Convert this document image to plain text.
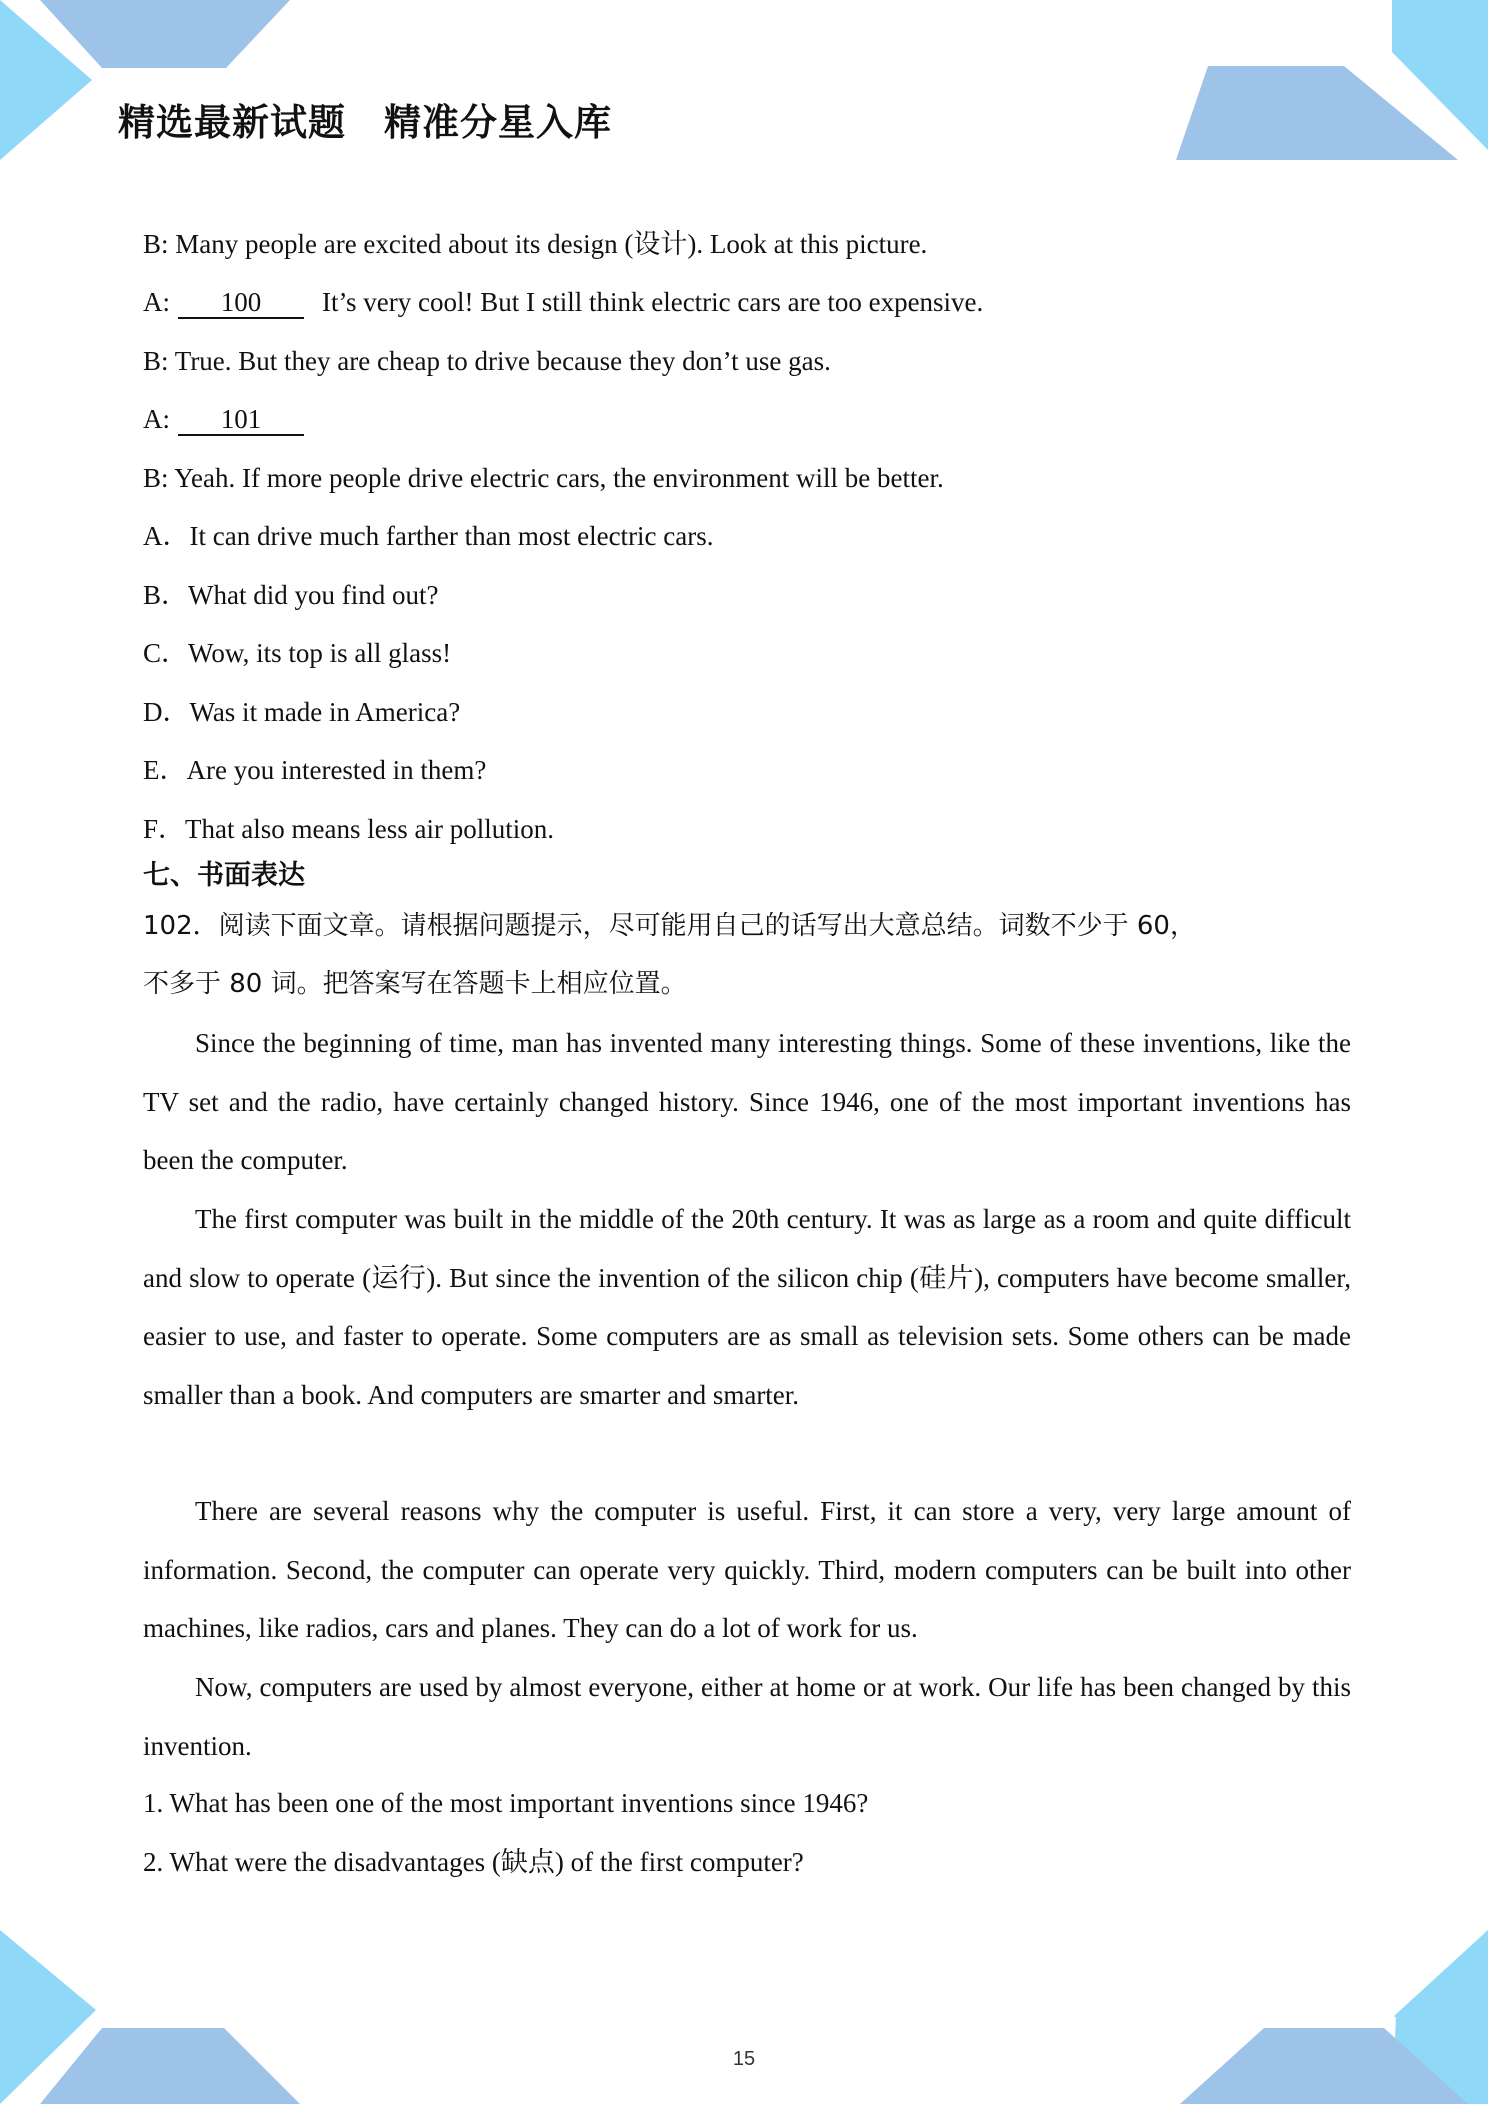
精选最新试题　精准分星入库
B: Many people are excited about its design (设计). Look at this picture.
A: 100 It’s very cool! But I still think electric cars are too expensive.
B: True. But they are cheap to drive because they don’t use gas.
A: 101
B: Yeah. If more people drive electric cars, the environment will be better.
A．It can drive much farther than most electric cars.
B．What did you find out?
C．Wow, its top is all glass!
D．Was it made in America?
E．Are you interested in them?
F．That also means less air pollution.
七、书面表达
102．阅读下面文章。请根据问题提示，尽可能用自己的话写出大意总结。词数不少于 60，
不多于 80 词。把答案写在答题卡上相应位置。
Since the beginning of time, man has invented many interesting things. Some of these inventions, like the TV set and the radio, have certainly changed history. Since 1946, one of the most important inventions has been the computer.
The first computer was built in the middle of the 20th century. It was as large as a room and quite difficult and slow to operate (运行). But since the invention of the silicon chip (硅片), computers have become smaller, easier to use, and faster to operate. Some computers are as small as television sets. Some others can be made smaller than a book. And computers are smarter and smarter.
There are several reasons why the computer is useful. First, it can store a very, very large amount of information. Second, the computer can operate very quickly. Third, modern computers can be built into other machines, like radios, cars and planes. They can do a lot of work for us.
Now, computers are used by almost everyone, either at home or at work. Our life has been changed by this invention.
1. What has been one of the most important inventions since 1946?
2. What were the disadvantages (缺点) of the first computer?
15
